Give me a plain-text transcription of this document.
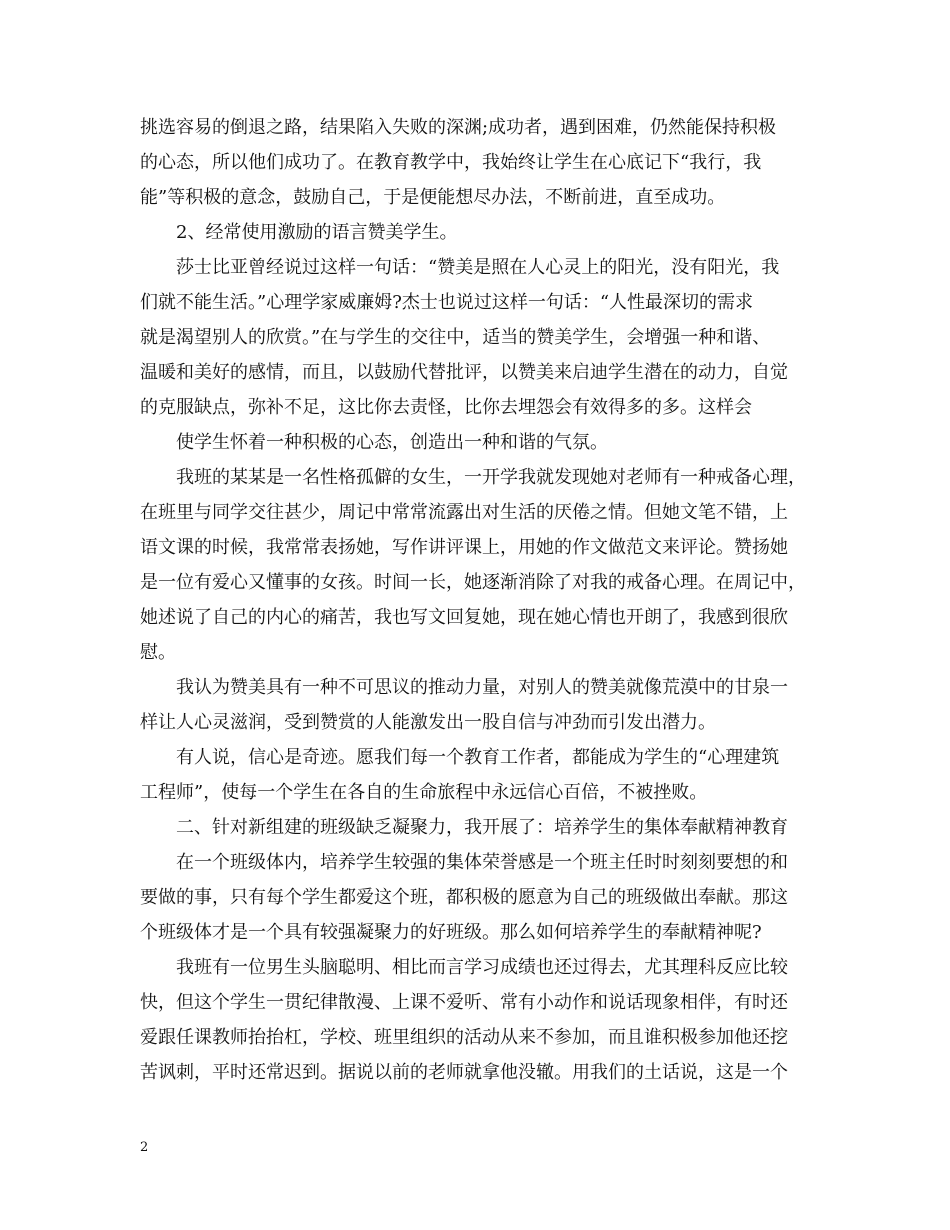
挑选容易的倒退之路，结果陷入失败的深渊;成功者，遇到困难，仍然能保持积极
的心态，所以他们成功了。在教育教学中，我始终让学生在心底记下“我行，我
能”等积极的意念，鼓励自己，于是便能想尽办法，不断前进，直至成功。
2、经常使用激励的语言赞美学生。
莎士比亚曾经说过这样一句话：“赞美是照在人心灵上的阳光，没有阳光，我
们就不能生活。”心理学家威廉姆?杰士也说过这样一句话：“人性最深切的需求
就是渴望别人的欣赏。”在与学生的交往中，适当的赞美学生，会增强一种和谐、
温暖和美好的感情，而且，以鼓励代替批评，以赞美来启迪学生潜在的动力，自觉
的克服缺点，弥补不足，这比你去责怪，比你去埋怨会有效得多的多。这样会
使学生怀着一种积极的心态，创造出一种和谐的气氛。
我班的某某是一名性格孤僻的女生，一开学我就发现她对老师有一种戒备心理，
在班里与同学交往甚少，周记中常常流露出对生活的厌倦之情。但她文笔不错，上
语文课的时候，我常常表扬她，写作讲评课上，用她的作文做范文来评论。赞扬她
是一位有爱心又懂事的女孩。时间一长，她逐渐消除了对我的戒备心理。在周记中，
她述说了自己的内心的痛苦，我也写文回复她，现在她心情也开朗了，我感到很欣
慰。
我认为赞美具有一种不可思议的推动力量，对别人的赞美就像荒漠中的甘泉一
样让人心灵滋润，受到赞赏的人能激发出一股自信与冲劲而引发出潜力。
有人说，信心是奇迹。愿我们每一个教育工作者，都能成为学生的“心理建筑
工程师”，使每一个学生在各自的生命旅程中永远信心百倍，不被挫败。
二、针对新组建的班级缺乏凝聚力，我开展了：培养学生的集体奉献精神教育
在一个班级体内，培养学生较强的集体荣誉感是一个班主任时时刻刻要想的和
要做的事，只有每个学生都爱这个班，都积极的愿意为自己的班级做出奉献。那这
个班级体才是一个具有较强凝聚力的好班级。那么如何培养学生的奉献精神呢?
我班有一位男生头脑聪明、相比而言学习成绩也还过得去，尤其理科反应比较
快，但这个学生一贯纪律散漫、上课不爱听、常有小动作和说话现象相伴，有时还
爱跟任课教师抬抬杠，学校、班里组织的活动从来不参加，而且谁积极参加他还挖
苦讽刺，平时还常迟到。据说以前的老师就拿他没辙。用我们的土话说，这是一个
2
